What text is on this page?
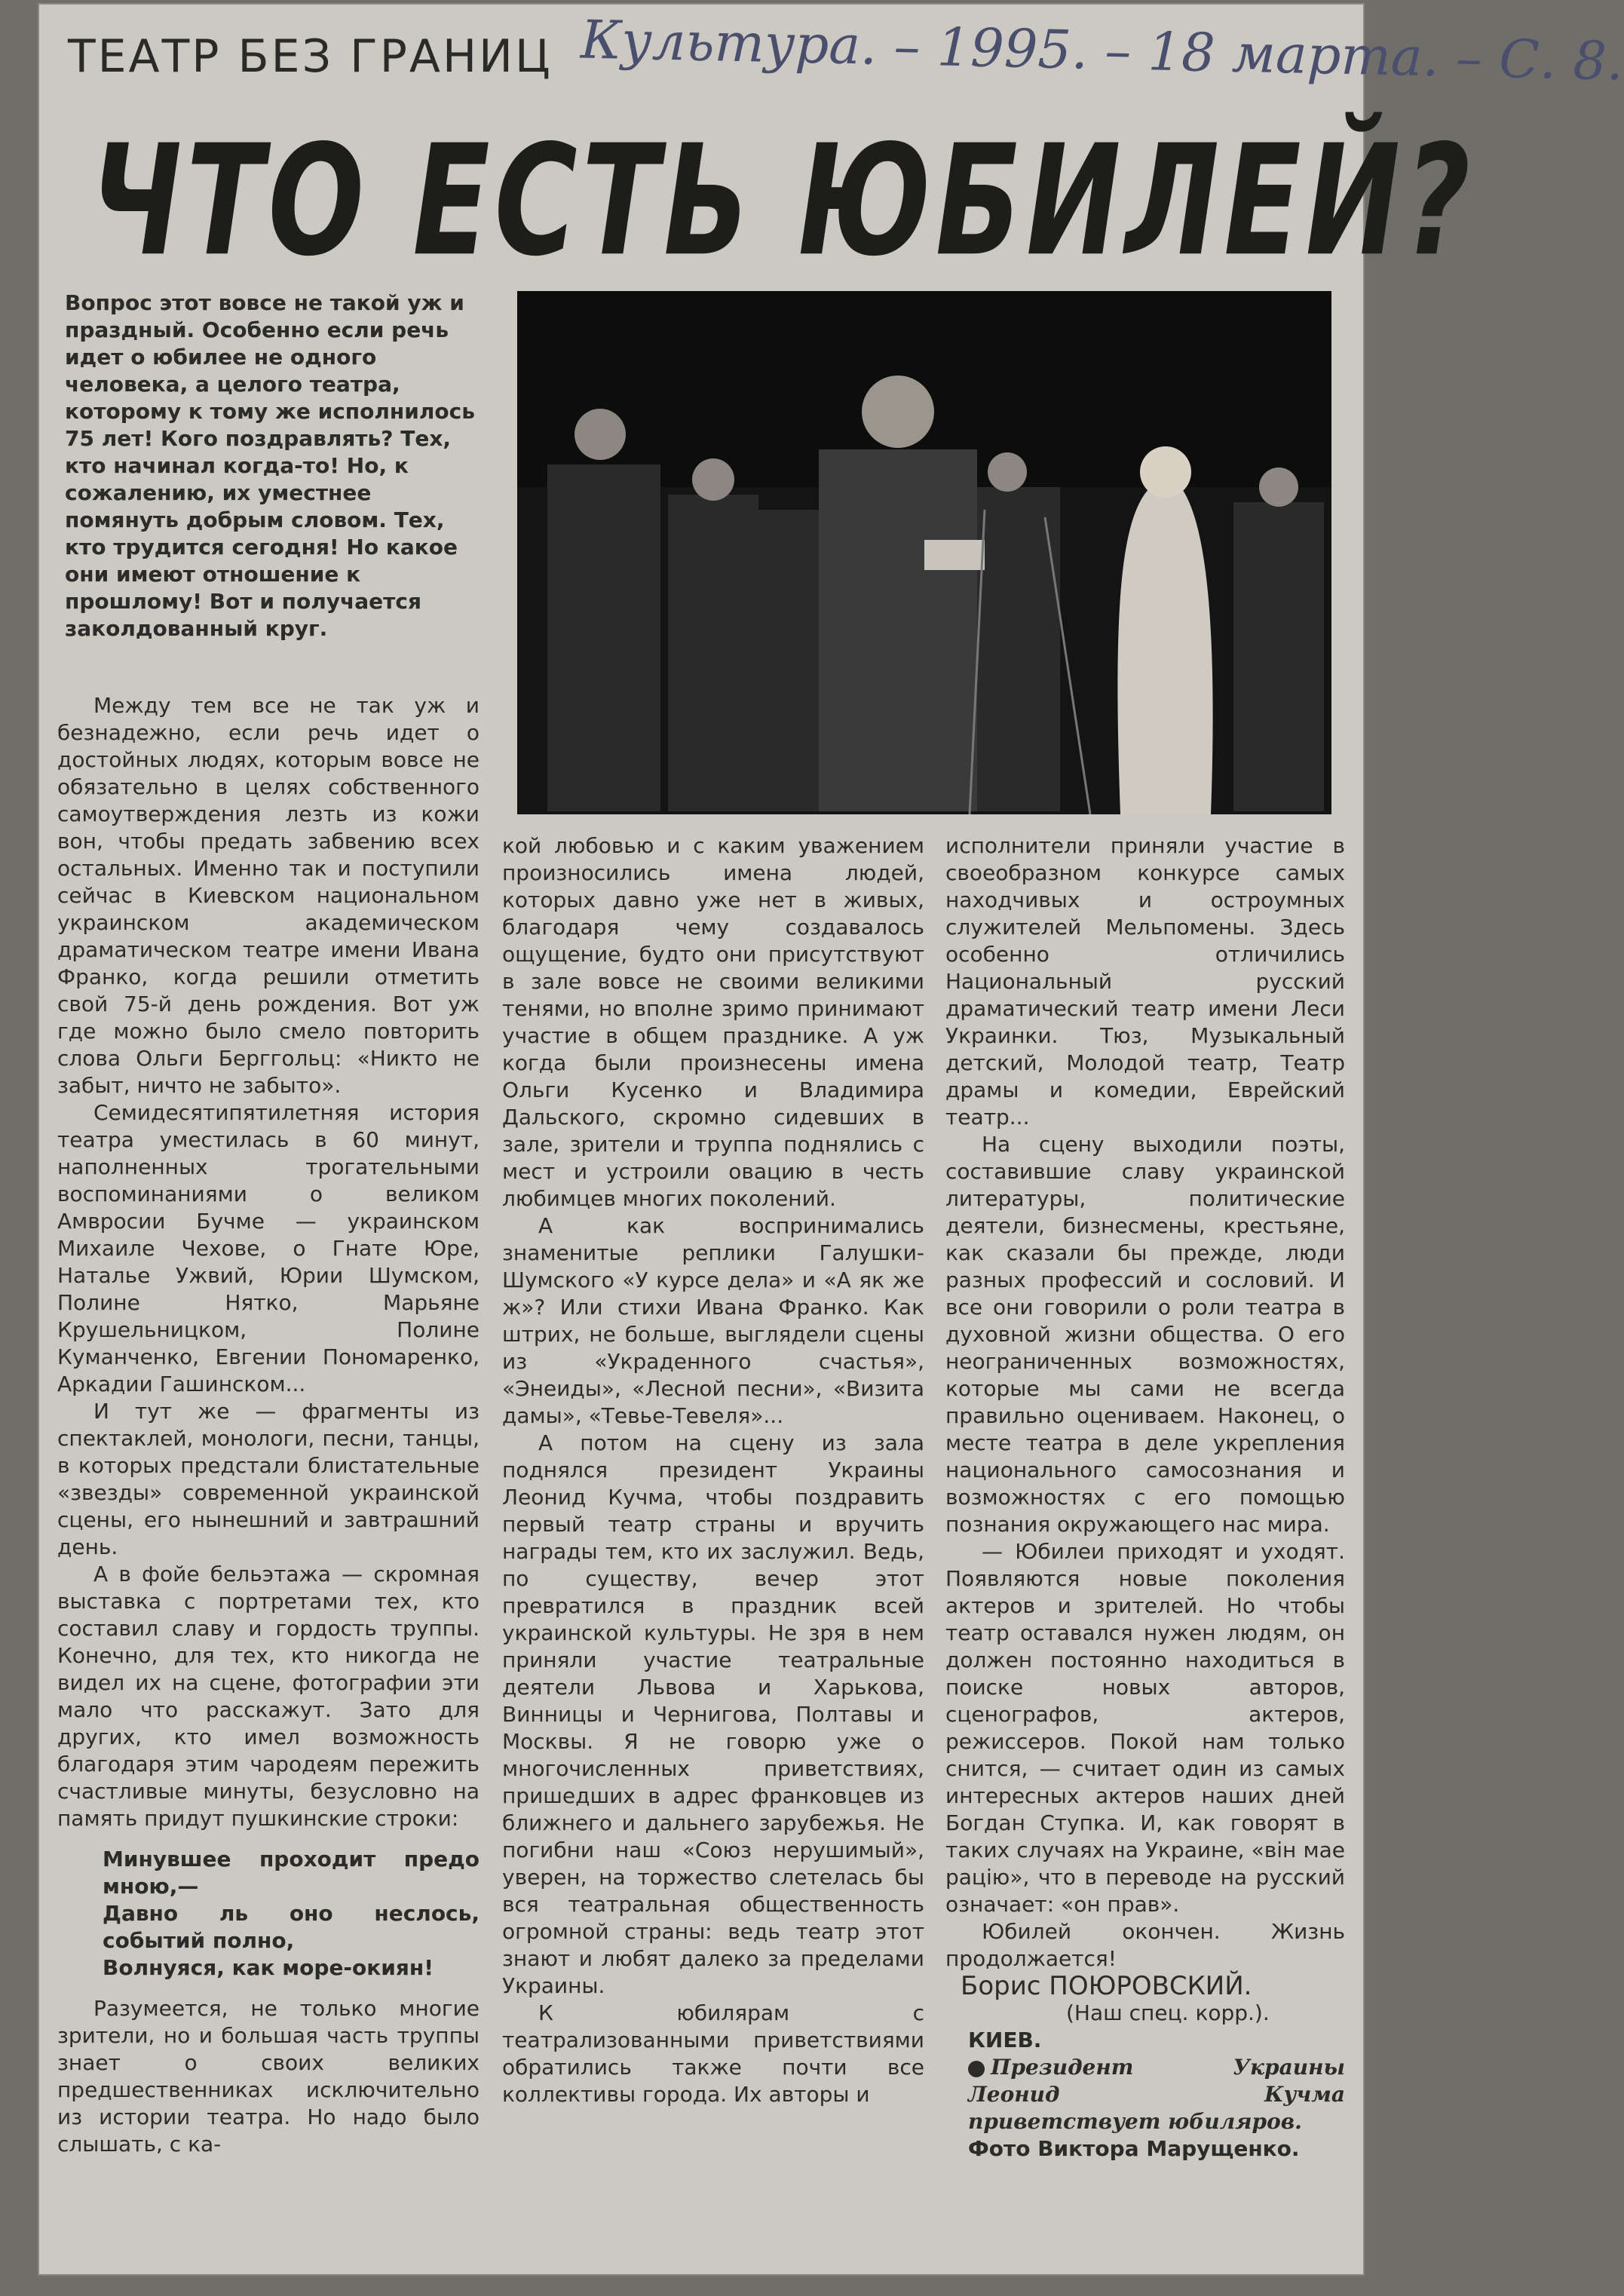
ТЕАТР БЕЗ ГРАНИЦ Культура. – 1995. – 18 марта. – С. 8.
ЧТО ЕСТЬ ЮБИЛЕЙ?
Вопрос этот вовсе не такой уж и праздный. Особенно если речь идет о юбилее не одного человека, а целого театра, которому к тому же исполнилось 75 лет! Кого поздравлять? Тех, кто начинал когда-то! Но, к сожалению, их уместнее помянуть добрым словом. Тех, кто трудится сегодня! Но какое они имеют отношение к прошлому! Вот и получается заколдованный круг.

Между тем все не так уж и безнадежно, если речь идет о достойных людях, которым вовсе не обязательно в целях собственного самоутверждения лезть из кожи вон, чтобы предать забвению всех остальных. Именно так и поступили сейчас в Киевском национальном украинском академическом драматическом театре имени Ивана Франко, когда решили отметить свой 75-й день рождения. Вот уж где можно было смело повторить слова Ольги Берггольц: «Никто не забыт, ничто не забыто».

Семидесятипятилетняя история театра уместилась в 60 минут, наполненных трогательными воспоминаниями о великом Амвросии Бучме — украинском Михаиле Чехове, о Гнате Юре, Наталье Ужвий, Юрии Шумском, Полине Нятко, Марьяне Крушельницком, Полине Куманченко, Евгении Пономаренко, Аркадии Гашинском...

И тут же — фрагменты из спектаклей, монологи, песни, танцы, в которых предстали блистательные «звезды» современной украинской сцены, его нынешний и завтрашний день.

А в фойе бельэтажа — скромная выставка с портретами тех, кто составил славу и гордость труппы. Конечно, для тех, кто никогда не видел их на сцене, фотографии эти мало что расскажут. Зато для других, кто имел возможность благодаря этим чародеям пережить счастливые минуты, безусловно на память придут пушкинские строки:

Минувшее проходит предо мною,—
Давно ль оно неслось, событий полно,
Волнуяся, как море-окиян!

Разумеется, не только многие зрители, но и большая часть труппы знает о своих великих предшественниках исключительно из истории театра. Но надо было слышать, с ка-

кой любовью и с каким уважением произносились имена людей, которых давно уже нет в живых, благодаря чему создавалось ощущение, будто они присутствуют в зале вовсе не своими великими тенями, но вполне зримо принимают участие в общем празднике. А уж когда были произнесены имена Ольги Кусенко и Владимира Дальского, скромно сидевших в зале, зрители и труппа поднялись с мест и устроили овацию в честь любимцев многих поколений.

А как воспринимались знаменитые реплики Галушки-Шумского «У курсе дела» и «А як же ж»? Или стихи Ивана Франко. Как штрих, не больше, выглядели сцены из «Украденного счастья», «Энеиды», «Лесной песни», «Визита дамы», «Тевье-Тевеля»...

А потом на сцену из зала поднялся президент Украины Леонид Кучма, чтобы поздравить первый театр страны и вручить награды тем, кто их заслужил. Ведь, по существу, вечер этот превратился в праздник всей украинской культуры. Не зря в нем приняли участие театральные деятели Львова и Харькова, Винницы и Чернигова, Полтавы и Москвы. Я не говорю уже о многочисленных приветствиях, пришедших в адрес франковцев из ближнего и дальнего зарубежья. Не погибни наш «Союз нерушимый», уверен, на торжество слетелась бы вся театральная общественность огромной страны: ведь театр этот знают и любят далеко за пределами Украины.

К юбилярам с театрализованными приветствиями обратились также почти все коллективы города. Их авторы и

исполнители приняли участие в своеобразном конкурсе самых находчивых и остроумных служителей Мельпомены. Здесь особенно отличились Национальный русский драматический театр имени Леси Украинки. Тюз, Музыкальный детский, Молодой театр, Театр драмы и комедии, Еврейский театр...

На сцену выходили поэты, составившие славу украинской литературы, политические деятели, бизнесмены, крестьяне, как сказали бы прежде, люди разных профессий и сословий. И все они говорили о роли театра в духовной жизни общества. О его неограниченных возможностях, которые мы сами не всегда правильно оцениваем. Наконец, о месте театра в деле укрепления национального самосознания и возможностях с его помощью познания окружающего нас мира.

— Юбилеи приходят и уходят. Появляются новые поколения актеров и зрителей. Но чтобы театр оставался нужен людям, он должен постоянно находиться в поиске новых авторов, сценографов, актеров, режиссеров. Покой нам только снится, — считает один из самых интересных актеров наших дней Богдан Ступка. И, как говорят в таких случаях на Украине, «він мае рацію», что в переводе на русский означает: «он прав».

Юбилей окончен. Жизнь продолжается!

Борис ПОЮРОВСКИЙ.

(Наш спец. корр.).

КИЕВ.

Президент Украины Леонид Кучма приветствует юбиляров.

Фото Виктора Марущенко.
